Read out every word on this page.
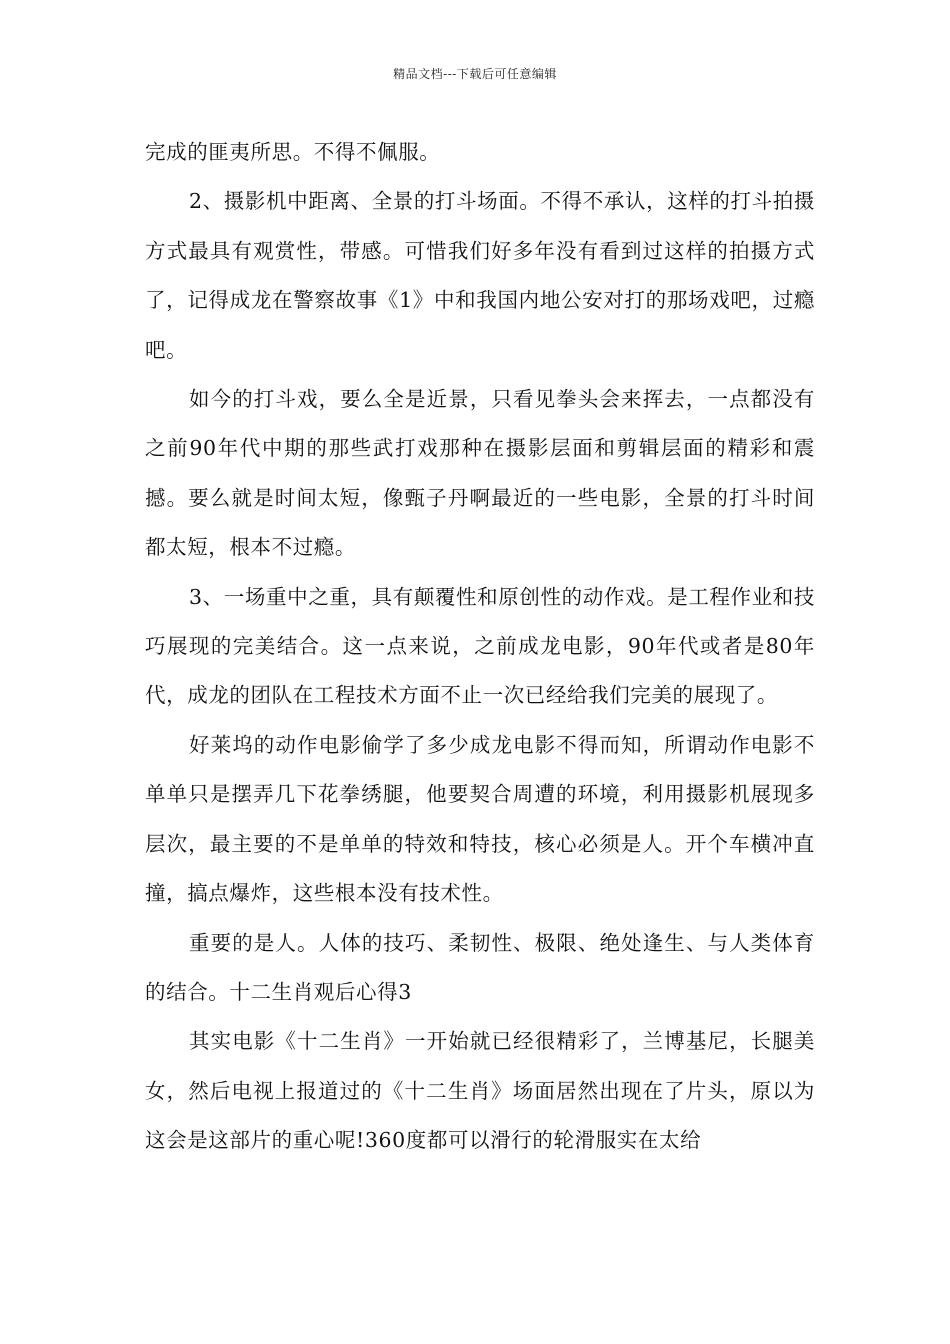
精品文档---下载后可任意编辑

完成的匪夷所思。不得不佩服。

2、摄影机中距离、全景的打斗场面。不得不承认，这样的打斗拍摄方式最具有观赏性，带感。可惜我们好多年没有看到过这样的拍摄方式了，记得成龙在警察故事《1》中和我国内地公安对打的那场戏吧，过瘾吧。

如今的打斗戏，要么全是近景，只看见拳头会来挥去，一点都没有之前90年代中期的那些武打戏那种在摄影层面和剪辑层面的精彩和震撼。要么就是时间太短，像甄子丹啊最近的一些电影，全景的打斗时间都太短，根本不过瘾。

3、一场重中之重，具有颠覆性和原创性的动作戏。是工程作业和技巧展现的完美结合。这一点来说，之前成龙电影，90年代或者是80年代，成龙的团队在工程技术方面不止一次已经给我们完美的展现了。

好莱坞的动作电影偷学了多少成龙电影不得而知，所谓动作电影不单单只是摆弄几下花拳绣腿，他要契合周遭的环境，利用摄影机展现多层次，最主要的不是单单的特效和特技，核心必须是人。开个车横冲直撞，搞点爆炸，这些根本没有技术性。

重要的是人。人体的技巧、柔韧性、极限、绝处逢生、与人类体育的结合。十二生肖观后心得3

其实电影《十二生肖》一开始就已经很精彩了，兰博基尼，长腿美女，然后电视上报道过的《十二生肖》场面居然出现在了片头，原以为这会是这部片的重心呢!360度都可以滑行的轮滑服实在太给
